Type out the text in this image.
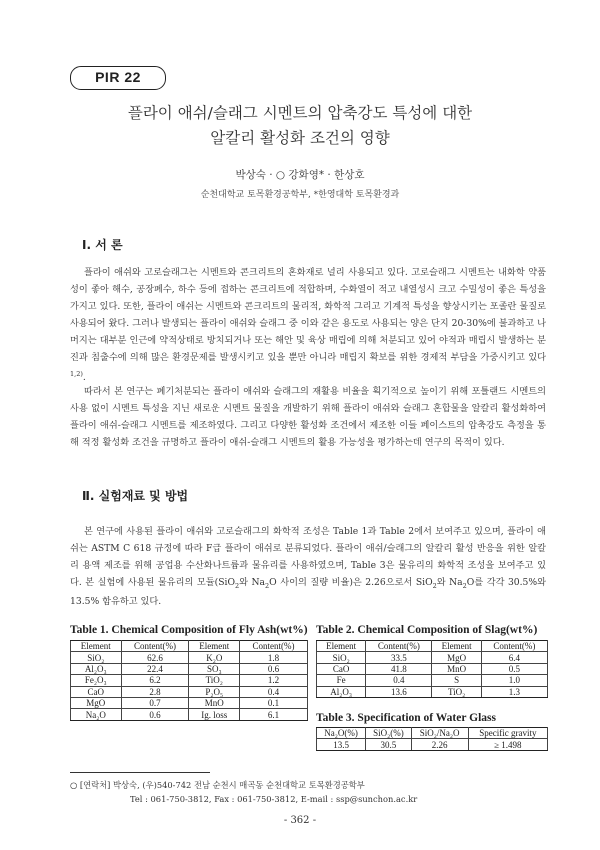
PIR 22
플라이 애쉬/슬래그 시멘트의 압축강도 특성에 대한
알칼리 활성화 조건의 영향
박상숙 · ○ 강화영* · 한상호
순천대학교 토목환경공학부, *한영대학 토목환경과
Ⅰ. 서 론

플라이 애쉬와 고로슬래그는 시멘트와 콘크리트의 혼화재로 널리 사용되고 있다. 고로슬래그 시멘트는 내화학 약품성이 좋아 해수, 공장폐수, 하수 등에 접하는 콘크리트에 적합하며, 수화열이 적고 내열성시 크고 수밀성이 좋은 특성을 가지고 있다. 또한, 플라이 애쉬는 시멘트와 콘크리트의 물리적, 화학적 그리고 기계적 특성을 향상시키는 포졸란 물질로 사용되어 왔다. 그러나 발생되는 플라이 애쉬와 슬래그 중 이와 같은 용도로 사용되는 양은 단지 20-30%에 불과하고 나머지는 대부분 인근에 약적상태로 방치되거나 또는 해안 및 육상 매립에 의해 처분되고 있어 야적과 매립시 발생하는 분진과 침출수에 의해 많은 환경문제를 발생시키고 있을 뿐만 아니라 매립지 확보를 위한 경제적 부담을 가중시키고 있다$^{1,2)}$.

따라서 본 연구는 폐기처분되는 플라이 애쉬와 슬래그의 재활용 비율을 획기적으로 높이기 위해 포틀랜드 시멘트의 사용 없이 시멘트 특성을 지닌 새로운 시멘트 물질을 개발하기 위해 플라이 애쉬와 슬래그 혼합물을 알칼리 활성화하여 플라이 애쉬-슬래그 시멘트를 제조하였다. 그리고 다양한 활성화 조건에서 제조한 이들 페이스트의 압축강도 측정을 통해 적정 활성화 조건을 규명하고 플라이 애쉬-슬래그 시멘트의 활용 가능성을 평가하는데 연구의 목적이 있다.

Ⅱ. 실험재료 및 방법

본 연구에 사용된 플라이 애쉬와 고로슬래그의 화학적 조성은 Table 1과 Table 2에서 보여주고 있으며, 플라이 애쉬는 ASTM C 618 규정에 따라 F급 플라이 애쉬로 분류되었다. 플라이 애쉬/슬래그의 알칼리 활성 반응을 위한 알칼리 용액 제조를 위해 공업용 수산화나트륨과 물유리를 사용하였으며, Table 3은 물유리의 화학적 조성을 보여주고 있다. 본 실험에 사용된 물유리의 모듈(SiO$_2$와 $Na_2O$ 사이의 질량 비율)은 2.26으로서 SiO$_2$와 $Na_2O$를 각각 30.5%와 13.5% 함유하고 있다.

Table 1. Chemical Composition of Fly Ash(wt%)
Element	Content(%)	Element	Content(%)
SiO₂	62.6	K₂O	1.8
Al₂O₃	22.4	SO₃	0.6
Fe₂O₃	6.2	TiO₂	1.2
CaO	2.8	P₂O₅	0.4
MgO	0.7	MnO	0.1
Na₂O	0.6	Ig. loss	6.1
Table 2. Chemical Composition of Slag(wt%)
Element	Content(%)	Element	Content(%)
SiO₂	33.5	MgO	6.4
CaO	41.8	MnO	0.5
Fe	0.4	S	1.0
Al₂O₃	13.6	TiO₂	1.3
Table 3. Specification of Water Glass
Na₂O(%)	SiO₂(%)	SiO₂/Na₂O	Specific gravity
13.5	30.5	2.26	≥ 1.498
○ [연락처] 박상숙, (우)540-742 전남 순천시 매곡동 순천대학교 토목환경공학부
Tel : 061-750-3812, Fax : 061-750-3812, E-mail : ssp@sunchon.ac.kr
- 362 -
